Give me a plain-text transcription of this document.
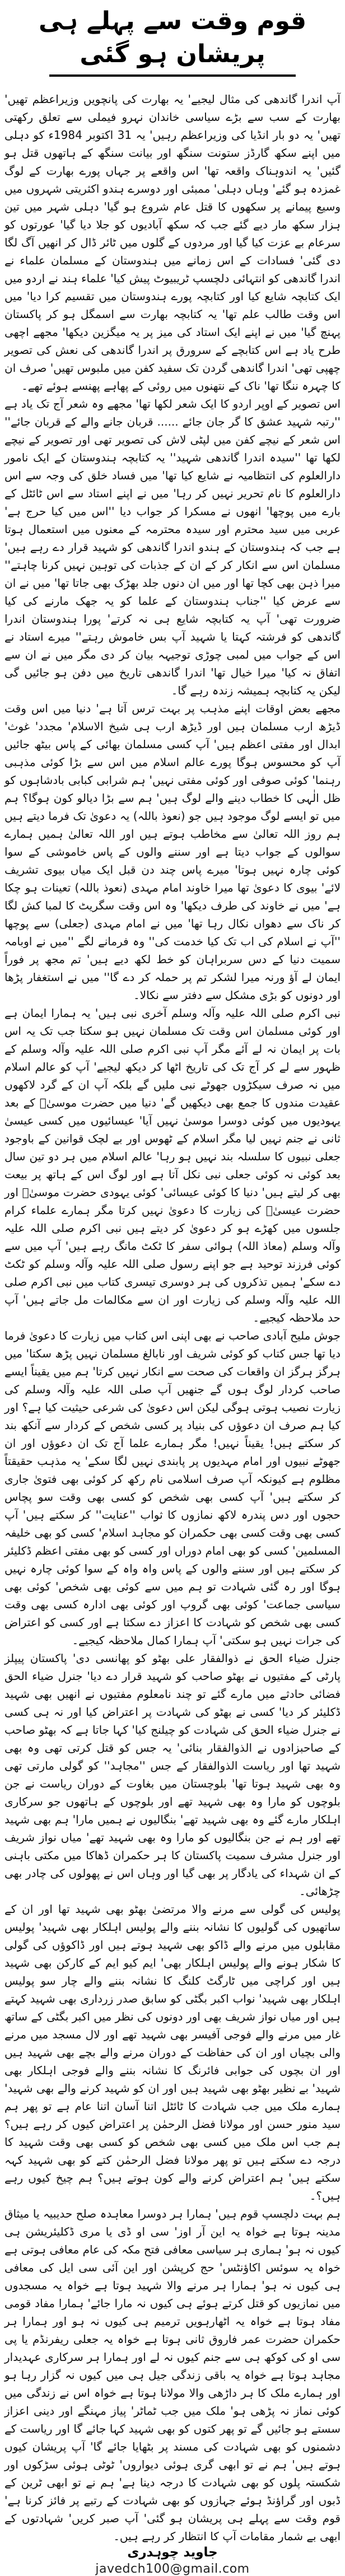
قوم وقت سے پہلے ہی پریشان ہو گئی

آپ اندرا گاندھی کی مثال لیجیے' یہ بھارت کی پانچویں وزیراعظم تھیں' بھارت کے سب سے بڑے سیاسی خاندان نہرو فیملی سے تعلق رکھتی تھیں' یہ دو بار انڈیا کی وزیراعظم رہیں' یہ 31 اکتوبر 1984ء کو دہلی میں اپنے سکھ گارڈز ستونت سنگھ اور بیانت سنگھ کے ہاتھوں قتل ہو گئیں' یہ اندوہناک واقعہ تھا' اس واقعے پر جہاں پورے بھارت کے لوگ غمزدہ ہو گئے' وہاں دہلی' ممبئی اور دوسرے ہندو اکثریتی شہروں میں وسیع پیمانے پر سکھوں کا قتل عام شروع ہو گیا' دہلی شہر میں تین ہزار سکھ مار دیے گئے جب کہ سکھ آبادیوں کو جلا دیا گیا' عورتوں کو سرعام بے عزت کیا گیا اور مردوں کے گلوں میں ٹائر ڈال کر انھیں آگ لگا دی گئی' فسادات کے اس زمانے میں ہندوستان کے مسلمان علماء نے اندرا گاندھی کو انتہائی دلچسپ ٹریبیوٹ پیش کیا' علماء ہند نے اردو میں ایک کتابچہ شایع کیا اور کتابچہ پورے ہندوستان میں تقسیم کرا دیا' میں اس وقت طالب علم تھا' یہ کتابچہ بھارت سے اسمگل ہو کر پاکستان پہنچ گیا' میں نے اپنے ایک استاد کی میز پر یہ میگزین دیکھا' مجھے اچھی طرح یاد ہے اس کتابچے کے سرورق پر اندرا گاندھی کی نعش کی تصویر چھپی تھی' اندرا گاندھی گردن تک سفید کفن میں ملبوس تھیں' صرف ان کا چہرہ ننگا تھا' ناک کے نتھنوں میں روئی کے پھاہے پھنسے ہوئے تھے۔

اس تصویر کے اوپر اردو کا ایک شعر لکھا تھا' مجھے وہ شعر آج تک یاد ہے ''رتبہ شہید عشق کا گر جان جائے ...... قربان جانے والے کے قربان جائے'' اس شعر کے نیچے کفن میں لپٹی لاش کی تصویر تھی اور تصویر کے نیچے لکھا تھا ''سیدہ اندرا گاندھی شہید'' یہ کتابچہ ہندوستان کے ایک نامور دارالعلوم کی انتظامیہ نے شایع کیا تھا' میں فساد خلق کی وجہ سے اس دارالعلوم کا نام تحریر نہیں کر رہا' میں نے اپنے استاد سے اس ٹائٹل کے بارے میں پوچھا' انھوں نے مسکرا کر جواب دیا ''اس میں کیا حرج ہے' عربی میں سید محترم اور سیدہ محترمہ کے معنوں میں استعمال ہوتا ہے جب کہ ہندوستان کے ہندو اندرا گاندھی کو شہید قرار دے رہے ہیں' مسلمان اس سے انکار کر کے ان کے جذبات کی توہین نہیں کرنا چاہتے'' میرا ذہن بھی کچا تھا اور میں ان دنوں جلد بھڑک بھی جاتا تھا' میں نے ان سے عرض کیا ''جناب ہندوستان کے علما کو یہ جھک مارنے کی کیا ضرورت تھی' آپ یہ کتابچہ شایع ہی نہ کرتے' پورا ہندوستان اندرا گاندھی کو فرشتہ کہتا یا شہید آپ بس خاموش رہتے'' میرے استاد نے اس کے جواب میں لمبی چوڑی توجیہہ بیان کر دی مگر میں نے ان سے اتفاق نہ کیا' میرا خیال تھا' اندرا گاندھی تاریخ میں دفن ہو جائیں گی لیکن یہ کتابچہ ہمیشہ زندہ رہے گا۔

مجھے بعض اوقات اپنے مذہب پر بہت ترس آتا ہے' دنیا میں اس وقت ڈیڑھ ارب مسلمان ہیں اور ڈیڑھ ارب ہی شیخ الاسلام' مجدد' غوث' ابدال اور مفتی اعظم ہیں' آپ کسی مسلمان بھائی کے پاس بیٹھ جائیں آپ کو محسوس ہوگا پورے عالم اسلام میں اس سے بڑا کوئی مذہبی رہنما' کوئی صوفی اور کوئی مفتی نہیں' ہم شرابی کبابی بادشاہوں کو ظل الٰہی کا خطاب دینے والے لوگ ہیں' ہم سے بڑا دیالو کون ہوگا؟ ہم میں تو ایسے لوگ موجود ہیں جو (نعوذ باللہ) یہ دعویٰ تک فرما دیتے ہیں ہم روز اللہ تعالیٰ سے مخاطب ہوتے ہیں اور اللہ تعالیٰ ہمیں ہمارے سوالوں کے جواب دیتا ہے اور سننے والوں کے پاس خاموشی کے سوا کوئی چارہ نہیں ہوتا' میرے پاس چند دن قبل ایک میاں بیوی تشریف لائے' بیوی کا دعویٰ تھا میرا خاوند امام مہدی (نعوذ باللہ) تعینات ہو چکا ہے' میں نے خاوند کی طرف دیکھا' وہ اس وقت سگریٹ کا لمبا کش لگا کر ناک سے دھواں نکال رہا تھا' میں نے امام مہدی (جعلی) سے پوچھا ''آپ نے اسلام کی اب تک کیا خدمت کی'' وہ فرمانے لگے ''میں نے اوبامہ سمیت دنیا کے دس سربراہان کو خط لکھ دیے ہیں' تم مجھ پر فوراً ایمان لے آؤ ورنہ میرا لشکر تم پر حملہ کر دے گا'' میں نے استغفار پڑھا اور دونوں کو بڑی مشکل سے دفتر سے نکالا۔

نبی اکرم صلی اللہ علیہ وآلہ وسلم آخری نبی ہیں' یہ ہمارا ایمان ہے اور کوئی مسلمان اس وقت تک مسلمان نہیں ہو سکتا جب تک یہ اس بات پر ایمان نہ لے آئے مگر آپ نبی اکرم صلی اللہ علیہ وآلہ وسلم کے ظہور سے لے کر آج تک کی تاریخ اٹھا کر دیکھ لیجیے' آپ کو عالم اسلام میں نہ صرف سیکڑوں جھوٹے نبی ملیں گے بلکہ آپ ان کے گرد لاکھوں عقیدت مندوں کا جمع بھی دیکھیں گے' دنیا میں حضرت موسیٰؑ کے بعد یہودیوں میں کوئی دوسرا موسیٰ نہیں آیا' عیسائیوں میں کسی عیسیٰ ثانی نے جنم نہیں لیا مگر اسلام کے ٹھوس اور بے لچک قوانین کے باوجود جعلی نبیوں کا سلسلہ بند نہیں ہو رہا' عالم اسلام میں ہر دو تین سال بعد کوئی نہ کوئی جعلی نبی نکل آتا ہے اور لوگ اس کے ہاتھ پر بیعت بھی کر لیتے ہیں' دنیا کا کوئی عیسائی' کوئی یہودی حضرت موسیٰؑ اور حضرت عیسیٰؑ کی زیارت کا دعویٰ نہیں کرتا مگر ہمارے علماء کرام جلسوں میں کھڑے ہو کر دعویٰ کر دیتے ہیں نبی اکرم صلی اللہ علیہ وآلہ وسلم (معاذ اللہ) ہوائی سفر کا ٹکٹ مانگ رہے ہیں' آپ میں سے کوئی فرزند توحید ہے جو اپنے رسول صلی اللہ علیہ وآلہ وسلم کو ٹکٹ دے سکے' ہمیں تذکروں کی ہر دوسری تیسری کتاب میں نبی اکرم صلی اللہ علیہ وآلہ وسلم کی زیارت اور ان سے مکالمات مل جاتے ہیں' آپ حد ملاحظہ کیجیے۔

جوش ملیح آبادی صاحب نے بھی اپنی اس کتاب میں زیارت کا دعویٰ فرما دیا تھا جس کتاب کو کوئی شریف اور نابالغ مسلمان نہیں پڑھ سکتا' میں ہرگز ہرگز ان واقعات کی صحت سے انکار نہیں کرتا' ہم میں یقیناً ایسے صاحب کردار لوگ ہوں گے جنھیں آپ صلی اللہ علیہ وآلہ وسلم کی زیارت نصیب ہوتی ہوگی لیکن اس دعویٰ کی شرعی حیثیت کیا ہے؟ اور کیا ہم صرف ان دعوؤں کی بنیاد پر کسی شخص کے کردار سے آنکھ بند کر سکتے ہیں! یقیناً نہیں! مگر ہمارے علما آج تک ان دعوؤں اور ان جھوٹے نبیوں اور امام مہدیوں پر پابندی نہیں لگا سکے' یہ مذہب حقیقتاً مظلوم ہے کیونکہ آپ صرف اسلامی نام رکھ کر کوئی بھی فتویٰ جاری کر سکتے ہیں' آپ کسی بھی شخص کو کسی بھی وقت سو پچاس حجوں اور دس پندرہ لاکھ نمازوں کا ثواب ''عنایت'' کر سکتے ہیں' آپ کسی بھی وقت کسی بھی حکمران کو مجاہد اسلام' کسی کو بھی خلیفہ المسلمین' کسی کو بھی امام دوراں اور کسی کو بھی مفتی اعظم ڈکلیئر کر سکتے ہیں اور سننے والوں کے پاس واہ واہ کے سوا کوئی چارہ نہیں ہوگا اور رہ گئی شہادت تو ہم میں سے کوئی بھی شخص' کوئی بھی سیاسی جماعت' کوئی بھی گروپ اور کوئی بھی ادارہ کسی بھی وقت کسی بھی شخص کو شہادت کا اعزاز دے سکتا ہے اور کسی کو اعتراض کی جرات نہیں ہو سکتی' آپ ہمارا کمال ملاحظہ کیجیے۔

جنرل ضیاء الحق نے ذوالفقار علی بھٹو کو پھانسی دی' پاکستان پیپلز پارٹی کے مفتیوں نے بھٹو صاحب کو شہید قرار دے دیا' جنرل ضیاء الحق فضائی حادثے میں مارے گئے تو چند نامعلوم مفتیوں نے انھیں بھی شہید ڈکلیئر کر دیا' کسی نے بھٹو کی شہادت پر اعتراض کیا اور نہ ہی کسی نے جنرل ضیاء الحق کی شہادت کو چیلنج کیا' کہا جاتا ہے کہ بھٹو صاحب کے صاحبزادوں نے الذوالفقار بنائی' یہ جس کو قتل کرتی تھی وہ بھی شہید تھا اور ریاست الذوالفقار کے جس ''مجاہد'' کو گولی مارتی تھی وہ بھی شہید ہوتا تھا' بلوچستان میں بغاوت کے دوران ریاست نے جن بلوچوں کو مارا وہ بھی شہید تھے اور بلوچوں کے ہاتھوں جو سرکاری اہلکار مارے گئے وہ بھی شہید تھے' بنگالیوں نے ہمیں مارا' ہم بھی شہید تھے اور ہم نے جن بنگالیوں کو مارا وہ بھی شہید تھے' میاں نواز شریف اور جنرل مشرف سمیت پاکستان کا ہر حکمران ڈھاکا میں مکتی باہنی کے ان شہداء کی یادگار پر بھی گیا اور وہاں اس نے پھولوں کی چادر بھی چڑھائی۔

پولیس کی گولی سے مرنے والا مرتضیٰ بھٹو بھی شہید تھا اور ان کے ساتھیوں کی گولیوں کا نشانہ بننے والے پولیس اہلکار بھی شہید' پولیس مقابلوں میں مرنے والے ڈاکو بھی شہید ہوتے ہیں اور ڈاکوؤں کی گولی کا شکار ہونے والے پولیس اہلکار بھی' ایم کیو ایم کے کارکن بھی شہید ہیں اور کراچی میں ٹارگٹ کلنگ کا نشانہ بننے والے چار سو پولیس اہلکار بھی شہید' نواب اکبر بگٹی کو سابق صدر زرداری بھی شہید کہتے ہیں اور میاں نواز شریف بھی اور دونوں کی نظر میں اکبر بگٹی کے ساتھ غار میں مرنے والے فوجی آفیسر بھی شہید تھے اور لال مسجد میں مرنے والی بچیاں اور ان کی حفاظت کے دوران مرنے والے بچے بھی شہید ہیں اور ان بچوں کی جوابی فائرنگ کا نشانہ بننے والے فوجی اہلکار بھی شہید' بے نظیر بھٹو بھی شہید ہیں اور ان کو شہید کرنے والے بھی شہید' ہمارے ملک میں جب شہادت کا ٹائٹل اتنا آسان اتنا عام ہے تو پھر ہم سید منور حسن اور مولانا فضل الرحمٰن پر اعتراض کیوں کر رہے ہیں؟ ہم جب اس ملک میں کسی بھی شخص کو کسی بھی وقت شہید کا درجہ دے سکتے ہیں تو پھر مولانا فضل الرحمٰن کتے کو بھی شہید کہہ سکتے ہیں' ہم اعتراض کرنے والے کون ہوتے ہیں؟ ہم چیخ کیوں رہے ہیں؟۔

ہم بہت دلچسپ قوم ہیں' ہمارا ہر دوسرا معاہدہ صلح حدیبیہ یا میثاق مدینہ ہوتا ہے خواہ یہ این آر اوز' سی او ڈی یا مری ڈکلیئریشن ہی کیوں نہ ہو' ہماری ہر سیاسی معافی فتح مکہ کی عام معافی ہوتی ہے خواہ یہ سوئس اکاؤنٹس' حج کرپشن اور این آئی سی ایل کی معافی ہی کیوں نہ ہو' ہمارا ہر مرنے والا شہید ہوتا ہے خواہ یہ مسجدوں میں نمازیوں کو قتل کرتے ہوئے ہی کیوں نہ مارا جائے' ہمارا مفاد قومی مفاد ہوتا ہے خواہ یہ اٹھارہویں ترمیم ہی کیوں نہ ہو اور ہمارا ہر حکمران حضرت عمر فاروق ثانی ہوتا ہے خواہ یہ جعلی ریفرنڈم یا پی سی او کی کوکھ ہی سے جنم کیوں نہ لے اور ہمارا ہر سرکاری عہدیدار مجاہد ہوتا ہے خواہ یہ باقی زندگی جیل ہی میں کیوں نہ گزار رہا ہو اور ہمارے ملک کا ہر داڑھی والا مولانا ہوتا ہے خواہ اس نے زندگی میں کوئی نماز نہ پڑھی ہو' ملک میں جب ٹماٹر' پیاز مہنگے اور دینی اعزاز سستے ہو جائیں گے تو پھر کتوں کو بھی شہید کہا جائے گا اور ریاست کے دشمنوں کو بھی شہادت کی مسند پر بٹھایا جائے گا' آپ پریشان کیوں ہوتے ہیں' ہم نے تو ابھی گری ہوئی دیواروں' ٹوٹی ہوئی سڑکوں اور شکستہ پلوں کو بھی شہادت کا درجہ دینا ہے' ہم نے تو ابھی ٹرین کے ڈبوں اور گراؤنڈ ہوئے جہازوں کو بھی شہادت کے رتبے پر فائز کرنا ہے' قوم وقت سے پہلے ہی پریشان ہو گئی' آپ صبر کریں' شہادتوں کے ابھی بے شمار مقامات آپ کا انتظار کر رہے ہیں۔

جاوید چوہدری
javedch100@gmail.com
